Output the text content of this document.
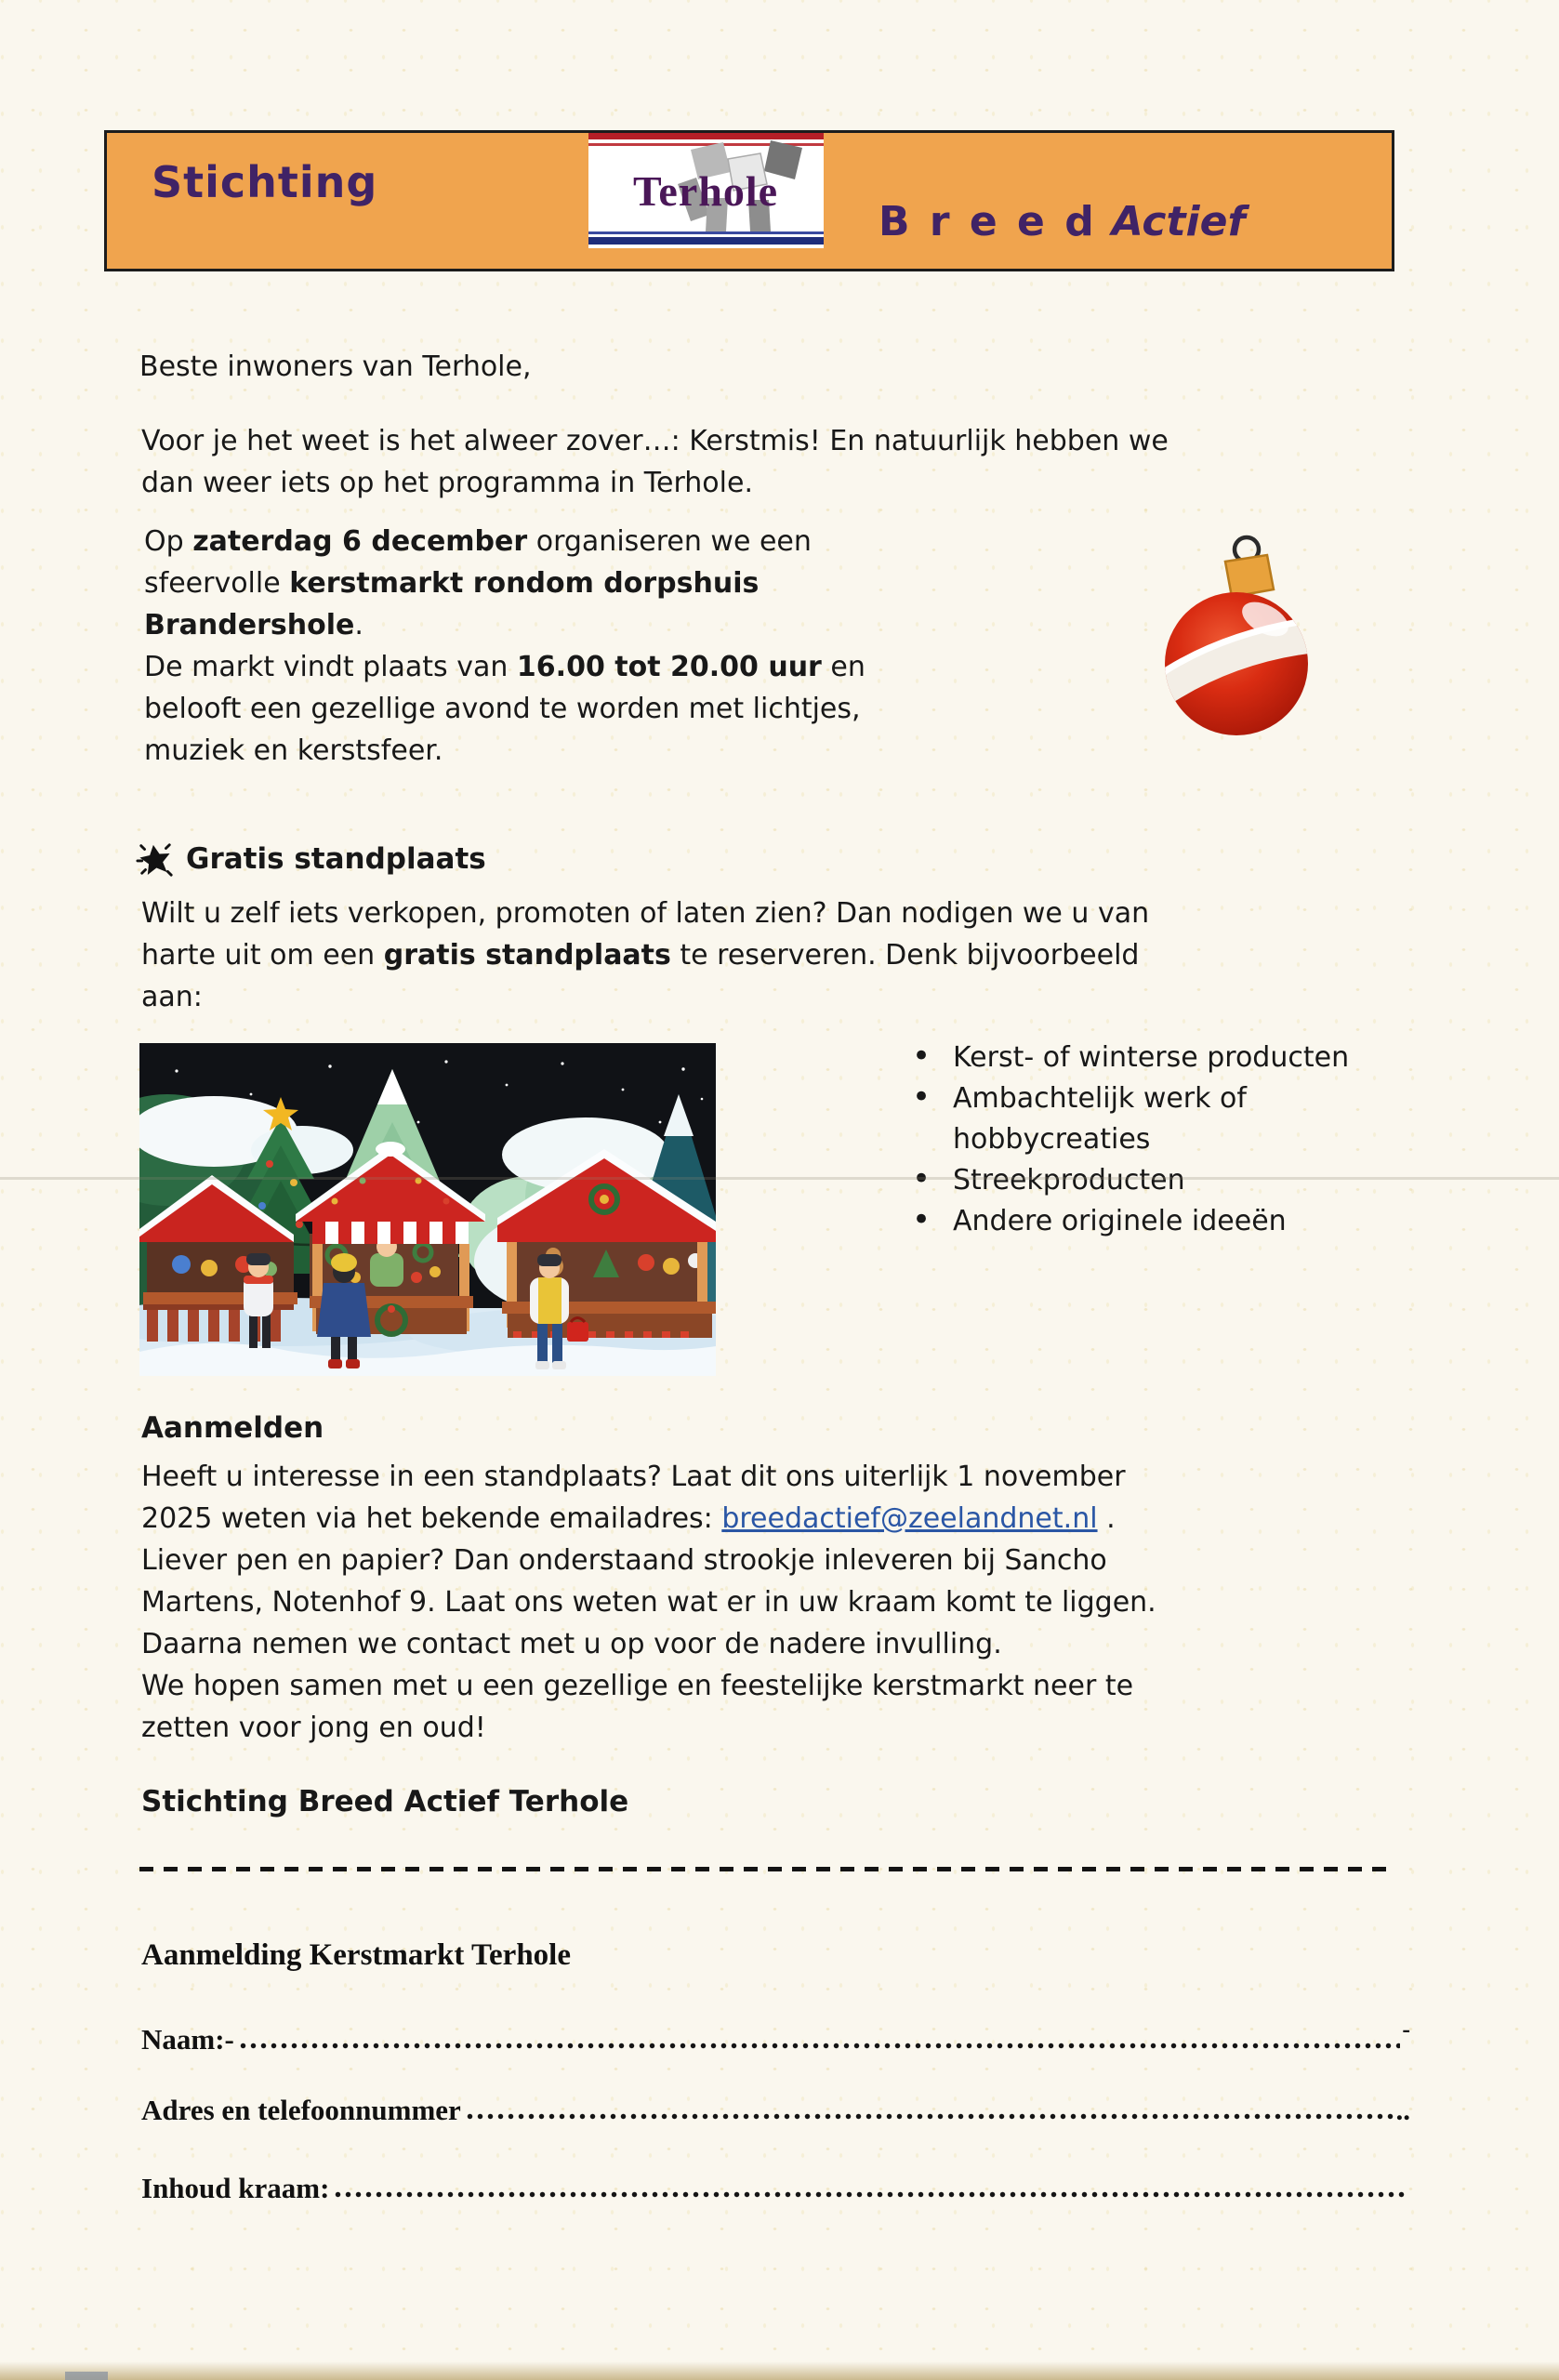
Stichting	Terhole
B r e e d Actief
Beste inwoners van Terhole,
Voor je het weet is het alweer zover…: Kerstmis! En natuurlijk hebben we
dan weer iets op het programma in Terhole.
Op zaterdag 6 december organiseren we een
sfeervolle kerstmarkt rondom dorpshuis
Brandershole.
De markt vindt plaats van 16.00 tot 20.00 uur en
belooft een gezellige avond te worden met lichtjes,
muziek en kerstsfeer.
Gratis standplaats
Wilt u zelf iets verkopen, promoten of laten zien? Dan nodigen we u van
harte uit om een gratis standplaats te reserveren. Denk bijvoorbeeld
aan:
• Kerst- of winterse producten
• Ambachtelijk werk of
hobbycreaties
• Streekproducten
• Andere originele ideeën
Aanmelden
Heeft u interesse in een standplaats? Laat dit ons uiterlijk 1 november
2025 weten via het bekende emailadres: breedactief@zeelandnet.nl .
Liever pen en papier? Dan onderstaand strookje inleveren bij Sancho
Martens, Notenhof 9. Laat ons weten wat er in uw kraam komt te liggen.
Daarna nemen we contact met u op voor de nadere invulling.
We hopen samen met u een gezellige en feestelijke kerstmarkt neer te
zetten voor jong en oud!
Stichting Breed Actief Terhole
Aanmelding Kerstmarkt Terhole
Naam:-	-
Adres en telefoonnummer	..
Inhoud kraam:
